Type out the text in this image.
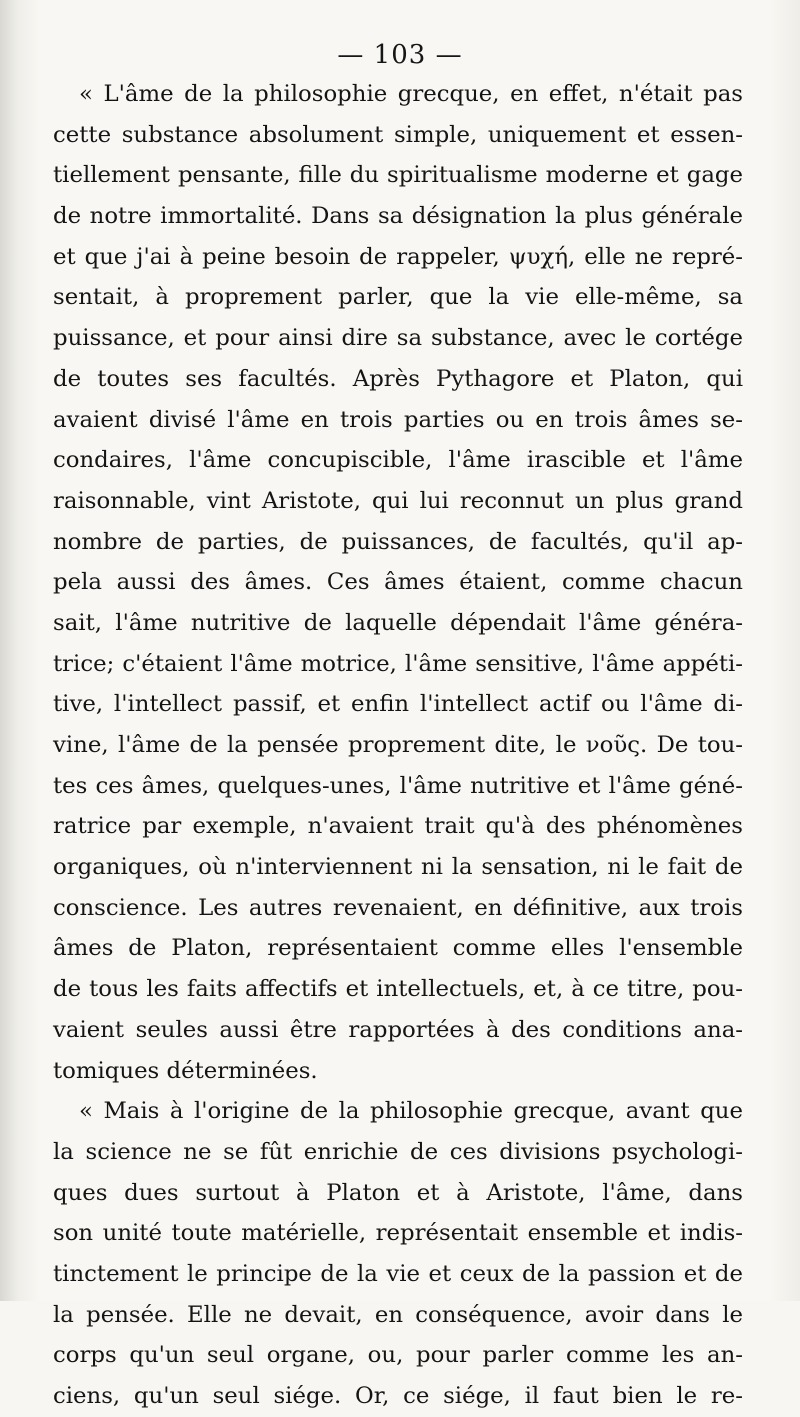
— 103 —
« L'âme de la philosophie grecque, en effet, n'était pas
cette substance absolument simple, uniquement et essen-
tiellement pensante, fille du spiritualisme moderne et gage
de notre immortalité. Dans sa désignation la plus générale
et que j'ai à peine besoin de rappeler, ψυχή, elle ne repré-
sentait, à proprement parler, que la vie elle-même, sa
puissance, et pour ainsi dire sa substance, avec le cortége
de toutes ses facultés. Après Pythagore et Platon, qui
avaient divisé l'âme en trois parties ou en trois âmes se-
condaires, l'âme concupiscible, l'âme irascible et l'âme
raisonnable, vint Aristote, qui lui reconnut un plus grand
nombre de parties, de puissances, de facultés, qu'il ap-
pela aussi des âmes. Ces âmes étaient, comme chacun
sait, l'âme nutritive de laquelle dépendait l'âme généra-
trice; c'étaient l'âme motrice, l'âme sensitive, l'âme appéti-
tive, l'intellect passif, et enfin l'intellect actif ou l'âme di-
vine, l'âme de la pensée proprement dite, le νοῦς. De tou-
tes ces âmes, quelques-unes, l'âme nutritive et l'âme géné-
ratrice par exemple, n'avaient trait qu'à des phénomènes
organiques, où n'interviennent ni la sensation, ni le fait de
conscience. Les autres revenaient, en définitive, aux trois
âmes de Platon, représentaient comme elles l'ensemble
de tous les faits affectifs et intellectuels, et, à ce titre, pou-
vaient seules aussi être rapportées à des conditions ana-
tomiques déterminées.
« Mais à l'origine de la philosophie grecque, avant que
la science ne se fût enrichie de ces divisions psychologi-
ques dues surtout à Platon et à Aristote, l'âme, dans
son unité toute matérielle, représentait ensemble et indis-
tinctement le principe de la vie et ceux de la passion et de
la pensée. Elle ne devait, en conséquence, avoir dans le
corps qu'un seul organe, ou, pour parler comme les an-
ciens, qu'un seul siége. Or, ce siége, il faut bien le re-
